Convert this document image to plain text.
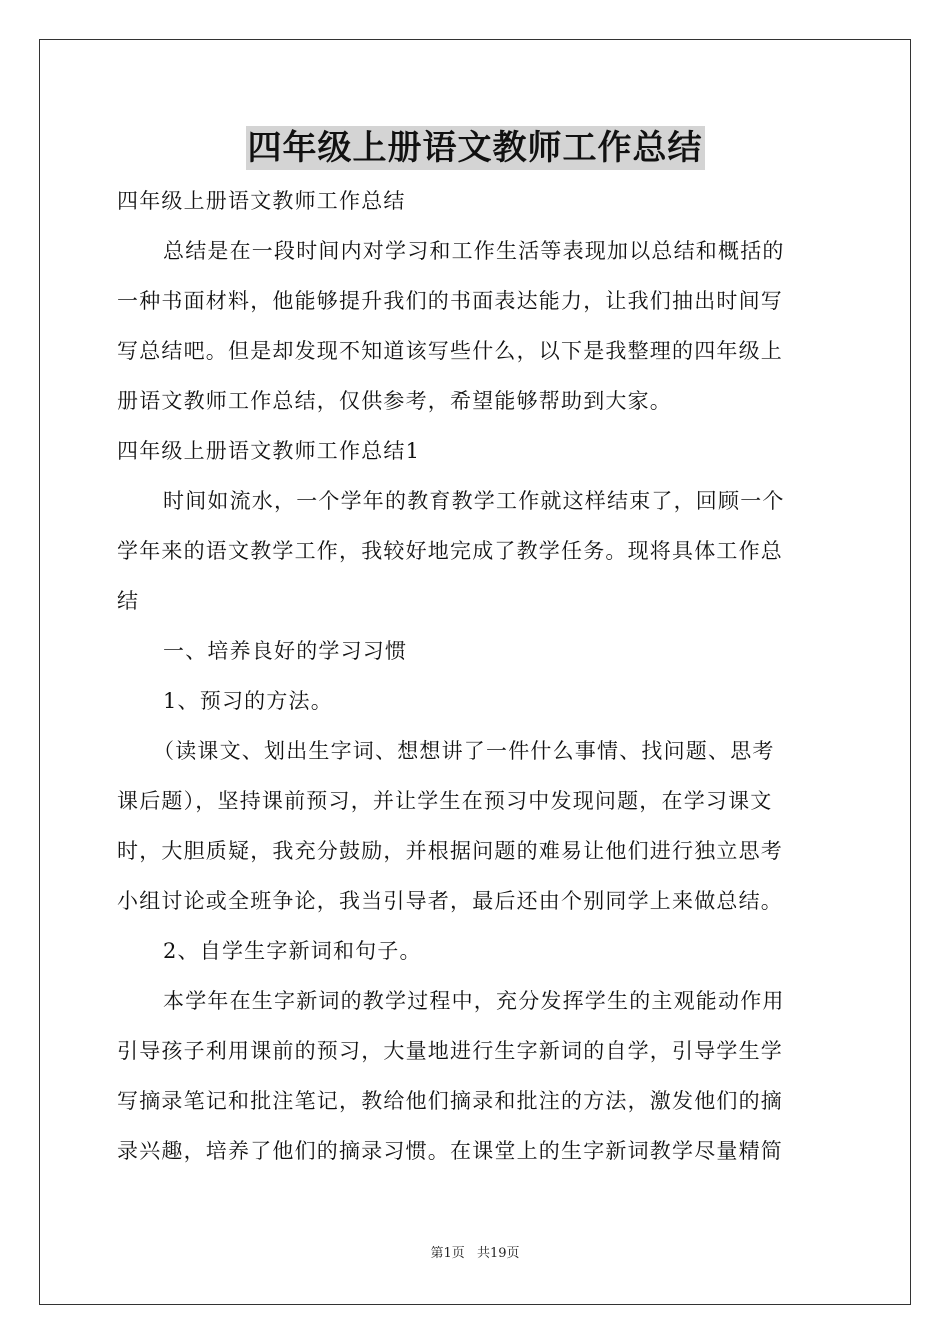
四年级上册语文教师工作总结
四年级上册语文教师工作总结
总结是在一段时间内对学习和工作生活等表现加以总结和概括的
一种书面材料，他能够提升我们的书面表达能力，让我们抽出时间写
写总结吧。但是却发现不知道该写些什么，以下是我整理的四年级上
册语文教师工作总结，仅供参考，希望能够帮助到大家。
四年级上册语文教师工作总结1
时间如流水，一个学年的教育教学工作就这样结束了，回顾一个
学年来的语文教学工作，我较好地完成了教学任务。现将具体工作总
结
一、培养良好的学习习惯
1、预习的方法。
（读课文、划出生字词、想想讲了一件什么事情、找问题、思考
课后题），坚持课前预习，并让学生在预习中发现问题，在学习课文
时，大胆质疑，我充分鼓励，并根据问题的难易让他们进行独立思考
小组讨论或全班争论，我当引导者，最后还由个别同学上来做总结。
2、自学生字新词和句子。
本学年在生字新词的教学过程中，充分发挥学生的主观能动作用
引导孩子利用课前的预习，大量地进行生字新词的自学，引导学生学
写摘录笔记和批注笔记，教给他们摘录和批注的方法，激发他们的摘
录兴趣，培养了他们的摘录习惯。在课堂上的生字新词教学尽量精简
第1页 共19页
